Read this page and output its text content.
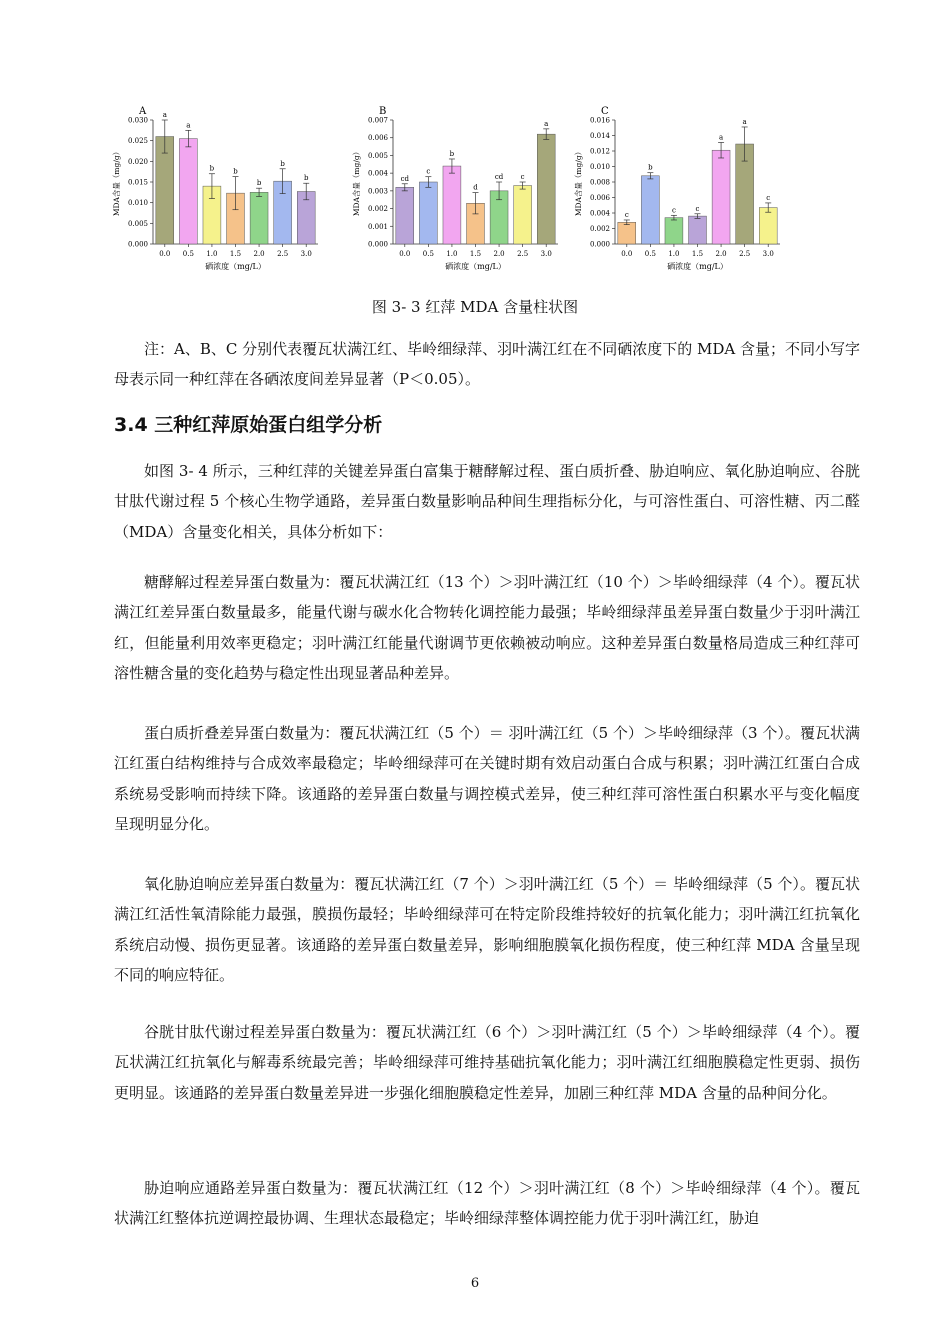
A
0.000
0.005
0.010
0.015
0.020
0.025
0.030
MDA含量（mg/g）
a
0.0
a
0.5
b
1.0
b
1.5
b
2.0
b
2.5
b
3.0
硒浓度（mg/L）
B
0.000
0.001
0.002
0.003
0.004
0.005
0.006
0.007
MDA含量（mg/g）	cd
0.0
c
0.5
b
1.0
d
1.5
cd
2.0
c
2.5
a
3.0
硒浓度（mg/L）
C
0.000
0.002
0.004
0.006
0.008
0.010
0.012
0.014
0.016
MDA含量（mg/g）	c
0.0
b
0.5
c
1.0
c
1.5
a
2.0
a
2.5
c
3.0
硒浓度（mg/L）
图 3- 3 红萍 MDA 含量柱状图

注：A、B、C 分别代表覆瓦状满江红、毕岭细绿萍、羽叶满江红在不同硒浓度下的 MDA 含量；不同小写字母表示同一种红萍在各硒浓度间差异显著（P＜0.05）。

3.4 三种红萍原始蛋白组学分析

如图 3- 4 所示，三种红萍的关键差异蛋白富集于糖酵解过程、蛋白质折叠、胁迫响应、氧化胁迫响应、谷胱甘肽代谢过程 5 个核心生物学通路，差异蛋白数量影响品种间生理指标分化，与可溶性蛋白、可溶性糖、丙二醛（MDA）含量变化相关，具体分析如下：

糖酵解过程差异蛋白数量为：覆瓦状满江红（13 个）＞羽叶满江红（10 个）＞毕岭细绿萍（4 个）。覆瓦状满江红差异蛋白数量最多，能量代谢与碳水化合物转化调控能力最强；毕岭细绿萍虽差异蛋白数量少于羽叶满江红，但能量利用效率更稳定；羽叶满江红能量代谢调节更依赖被动响应。这种差异蛋白数量格局造成三种红萍可溶性糖含量的变化趋势与稳定性出现显著品种差异。

蛋白质折叠差异蛋白数量为：覆瓦状满江红（5 个）＝ 羽叶满江红（5 个）＞毕岭细绿萍（3 个）。覆瓦状满江红蛋白结构维持与合成效率最稳定；毕岭细绿萍可在关键时期有效启动蛋白合成与积累；羽叶满江红蛋白合成系统易受影响而持续下降。该通路的差异蛋白数量与调控模式差异，使三种红萍可溶性蛋白积累水平与变化幅度呈现明显分化。

氧化胁迫响应差异蛋白数量为：覆瓦状满江红（7 个）＞羽叶满江红（5 个）＝ 毕岭细绿萍（5 个）。覆瓦状满江红活性氧清除能力最强，膜损伤最轻；毕岭细绿萍可在特定阶段维持较好的抗氧化能力；羽叶满江红抗氧化系统启动慢、损伤更显著。该通路的差异蛋白数量差异，影响细胞膜氧化损伤程度，使三种红萍 MDA 含量呈现不同的响应特征。

谷胱甘肽代谢过程差异蛋白数量为：覆瓦状满江红（6 个）＞羽叶满江红（5 个）＞毕岭细绿萍（4 个）。覆瓦状满江红抗氧化与解毒系统最完善；毕岭细绿萍可维持基础抗氧化能力；羽叶满江红细胞膜稳定性更弱、损伤更明显。该通路的差异蛋白数量差异进一步强化细胞膜稳定性差异，加剧三种红萍 MDA 含量的品种间分化。

胁迫响应通路差异蛋白数量为：覆瓦状满江红（12 个）＞羽叶满江红（8 个）＞毕岭细绿萍（4 个）。覆瓦状满江红整体抗逆调控最协调、生理状态最稳定；毕岭细绿萍整体调控能力优于羽叶满江红，胁迫

6
